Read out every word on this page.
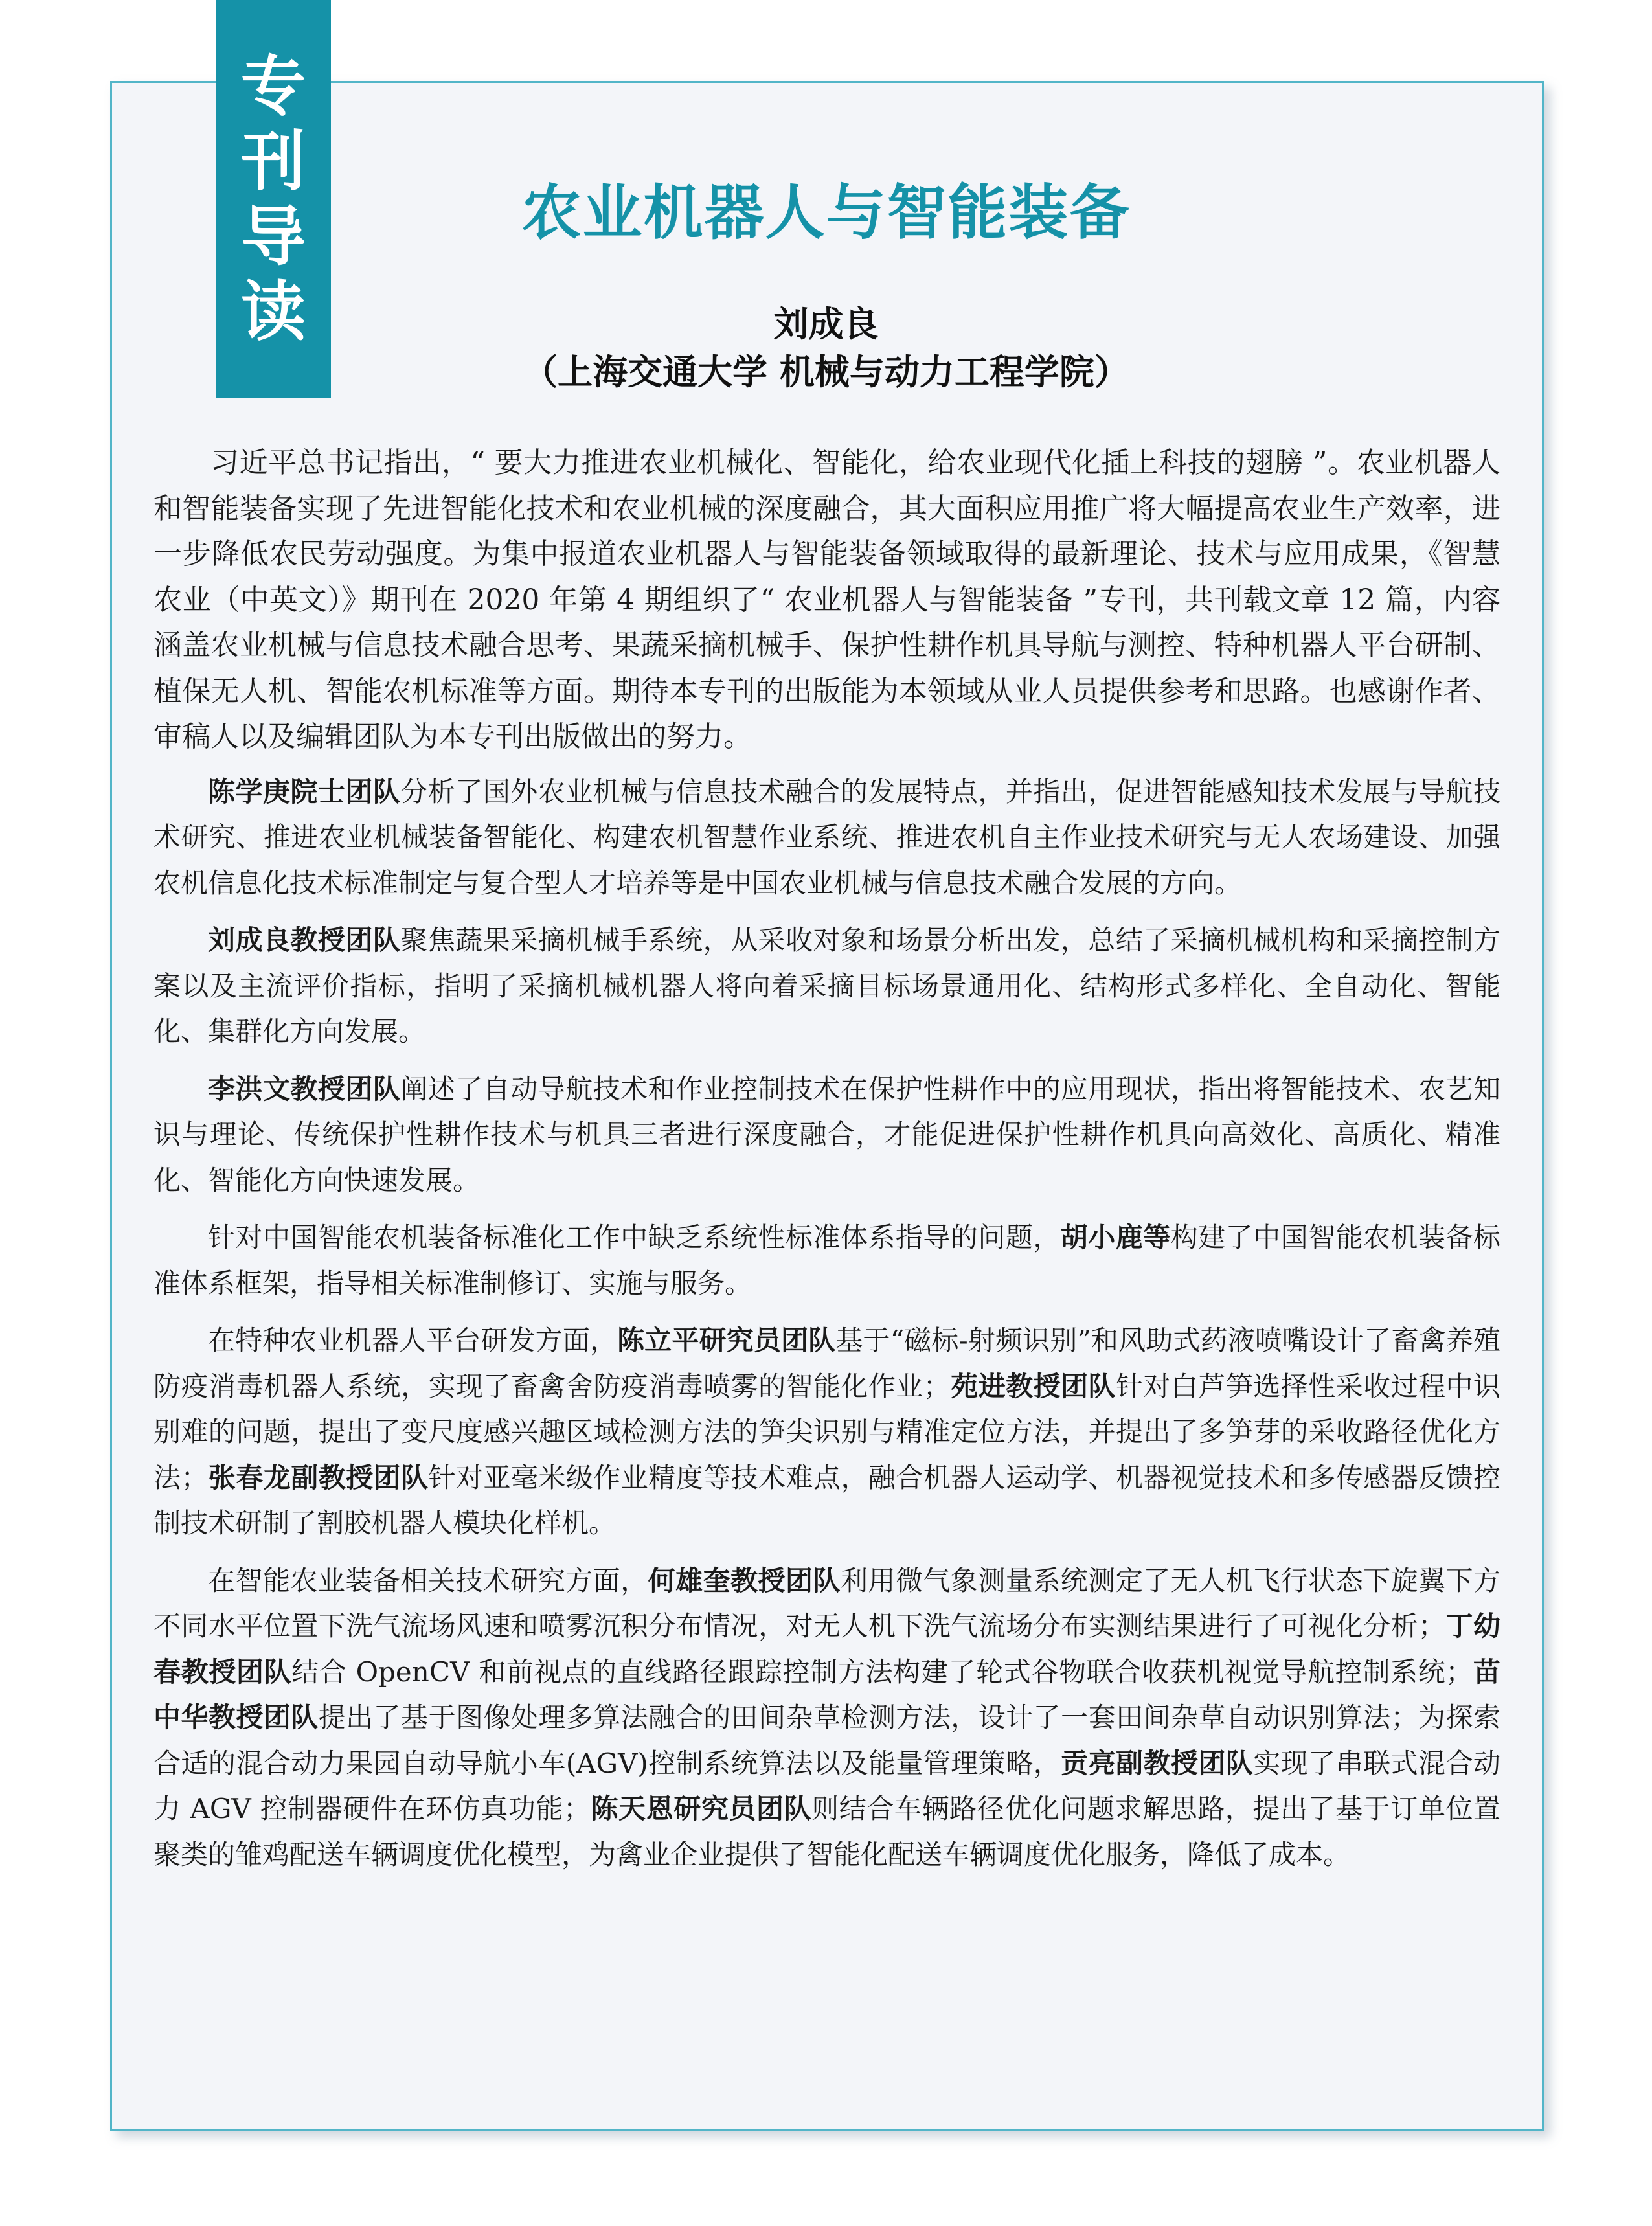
专
刊
导
读
农业机器人与智能装备
刘成良
（上海交通大学 机械与动力工程学院）

习近平总书记指出，“ 要大力推进农业机械化、智能化，给农业现代化插上科技的翅膀 ”。农业机器人和智能装备实现了先进智能化技术和农业机械的深度融合，其大面积应用推广将大幅提高农业生产效率，进一步降低农民劳动强度。为集中报道农业机器人与智能装备领域取得的最新理论、技术与应用成果，《智慧农业（中英文）》期刊在 2020 年第 4 期组织了“ 农业机器人与智能装备 ”专刊，共刊载文章 12 篇，内容涵盖农业机械与信息技术融合思考、果蔬采摘机械手、保护性耕作机具导航与测控、特种机器人平台研制、植保无人机、智能农机标准等方面。期待本专刊的出版能为本领域从业人员提供参考和思路。也感谢作者、审稿人以及编辑团队为本专刊出版做出的努力。

陈学庚院士团队分析了国外农业机械与信息技术融合的发展特点，并指出，促进智能感知技术发展与导航技术研究、推进农业机械装备智能化、构建农机智慧作业系统、推进农机自主作业技术研究与无人农场建设、加强农机信息化技术标准制定与复合型人才培养等是中国农业机械与信息技术融合发展的方向。

刘成良教授团队聚焦蔬果采摘机械手系统，从采收对象和场景分析出发，总结了采摘机械机构和采摘控制方案以及主流评价指标，指明了采摘机械机器人将向着采摘目标场景通用化、结构形式多样化、全自动化、智能化、集群化方向发展。

李洪文教授团队阐述了自动导航技术和作业控制技术在保护性耕作中的应用现状，指出将智能技术、农艺知识与理论、传统保护性耕作技术与机具三者进行深度融合，才能促进保护性耕作机具向高效化、高质化、精准化、智能化方向快速发展。

针对中国智能农机装备标准化工作中缺乏系统性标准体系指导的问题，胡小鹿等构建了中国智能农机装备标准体系框架，指导相关标准制修订、实施与服务。

在特种农业机器人平台研发方面，陈立平研究员团队基于“磁标-射频识别”和风助式药液喷嘴设计了畜禽养殖防疫消毒机器人系统，实现了畜禽舍防疫消毒喷雾的智能化作业；苑进教授团队针对白芦笋选择性采收过程中识别难的问题，提出了变尺度感兴趣区域检测方法的笋尖识别与精准定位方法，并提出了多笋芽的采收路径优化方法；张春龙副教授团队针对亚毫米级作业精度等技术难点，融合机器人运动学、机器视觉技术和多传感器反馈控制技术研制了割胶机器人模块化样机。

在智能农业装备相关技术研究方面，何雄奎教授团队利用微气象测量系统测定了无人机飞行状态下旋翼下方不同水平位置下洗气流场风速和喷雾沉积分布情况，对无人机下洗气流场分布实测结果进行了可视化分析；丁幼春教授团队结合 OpenCV 和前视点的直线路径跟踪控制方法构建了轮式谷物联合收获机视觉导航控制系统；苗中华教授团队提出了基于图像处理多算法融合的田间杂草检测方法，设计了一套田间杂草自动识别算法；为探索合适的混合动力果园自动导航小车(AGV)控制系统算法以及能量管理策略，贡亮副教授团队实现了串联式混合动力 AGV 控制器硬件在环仿真功能；陈天恩研究员团队则结合车辆路径优化问题求解思路，提出了基于订单位置聚类的雏鸡配送车辆调度优化模型，为禽业企业提供了智能化配送车辆调度优化服务，降低了成本。
